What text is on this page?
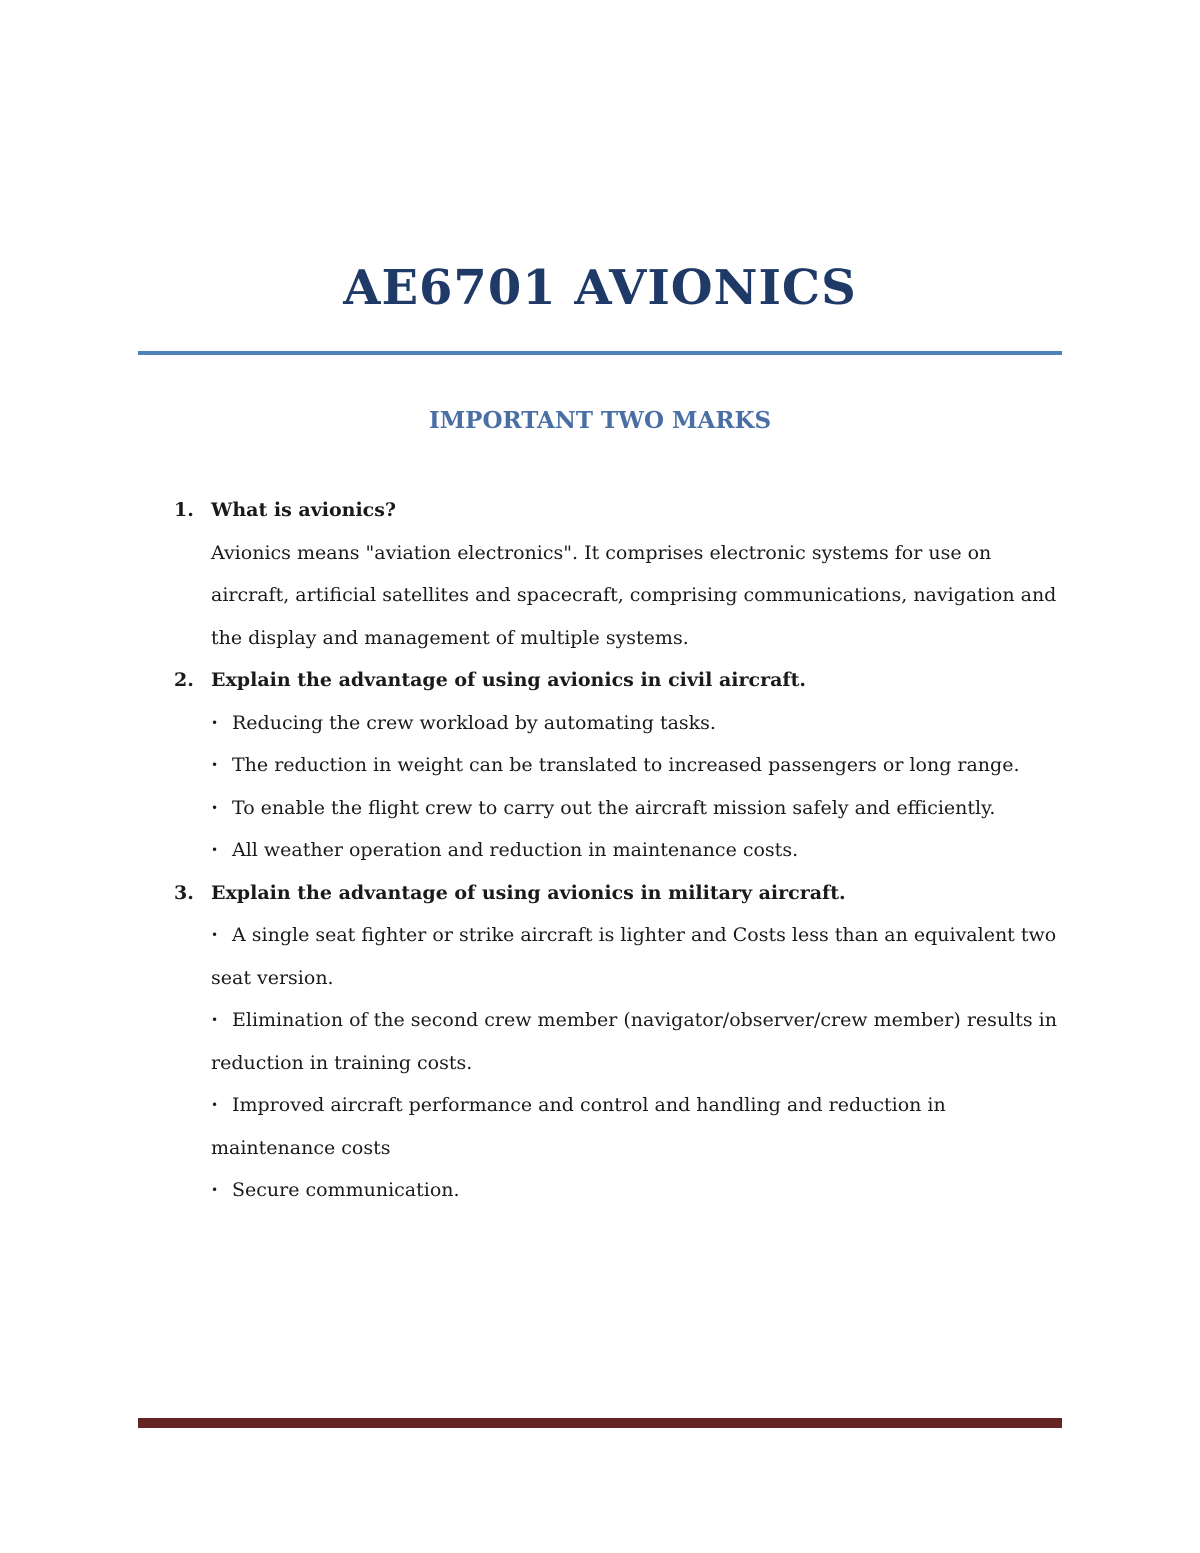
AE6701 AVIONICS
IMPORTANT TWO MARKS
1. What is avionics?
Avionics means "aviation electronics". It comprises electronic systems for use on aircraft, artificial satellites and spacecraft, comprising communications, navigation and the display and management of multiple systems.
2. Explain the advantage of using avionics in civil aircraft.
• Reducing the crew workload by automating tasks.
• The reduction in weight can be translated to increased passengers or long range.
• To enable the flight crew to carry out the aircraft mission safely and efficiently.
• All weather operation and reduction in maintenance costs.
3. Explain the advantage of using avionics in military aircraft.
• A single seat fighter or strike aircraft is lighter and Costs less than an equivalent two seat version.
• Elimination of the second crew member (navigator/observer/crew member) results in reduction in training costs.
• Improved aircraft performance and control and handling and reduction in maintenance costs
• Secure communication.
